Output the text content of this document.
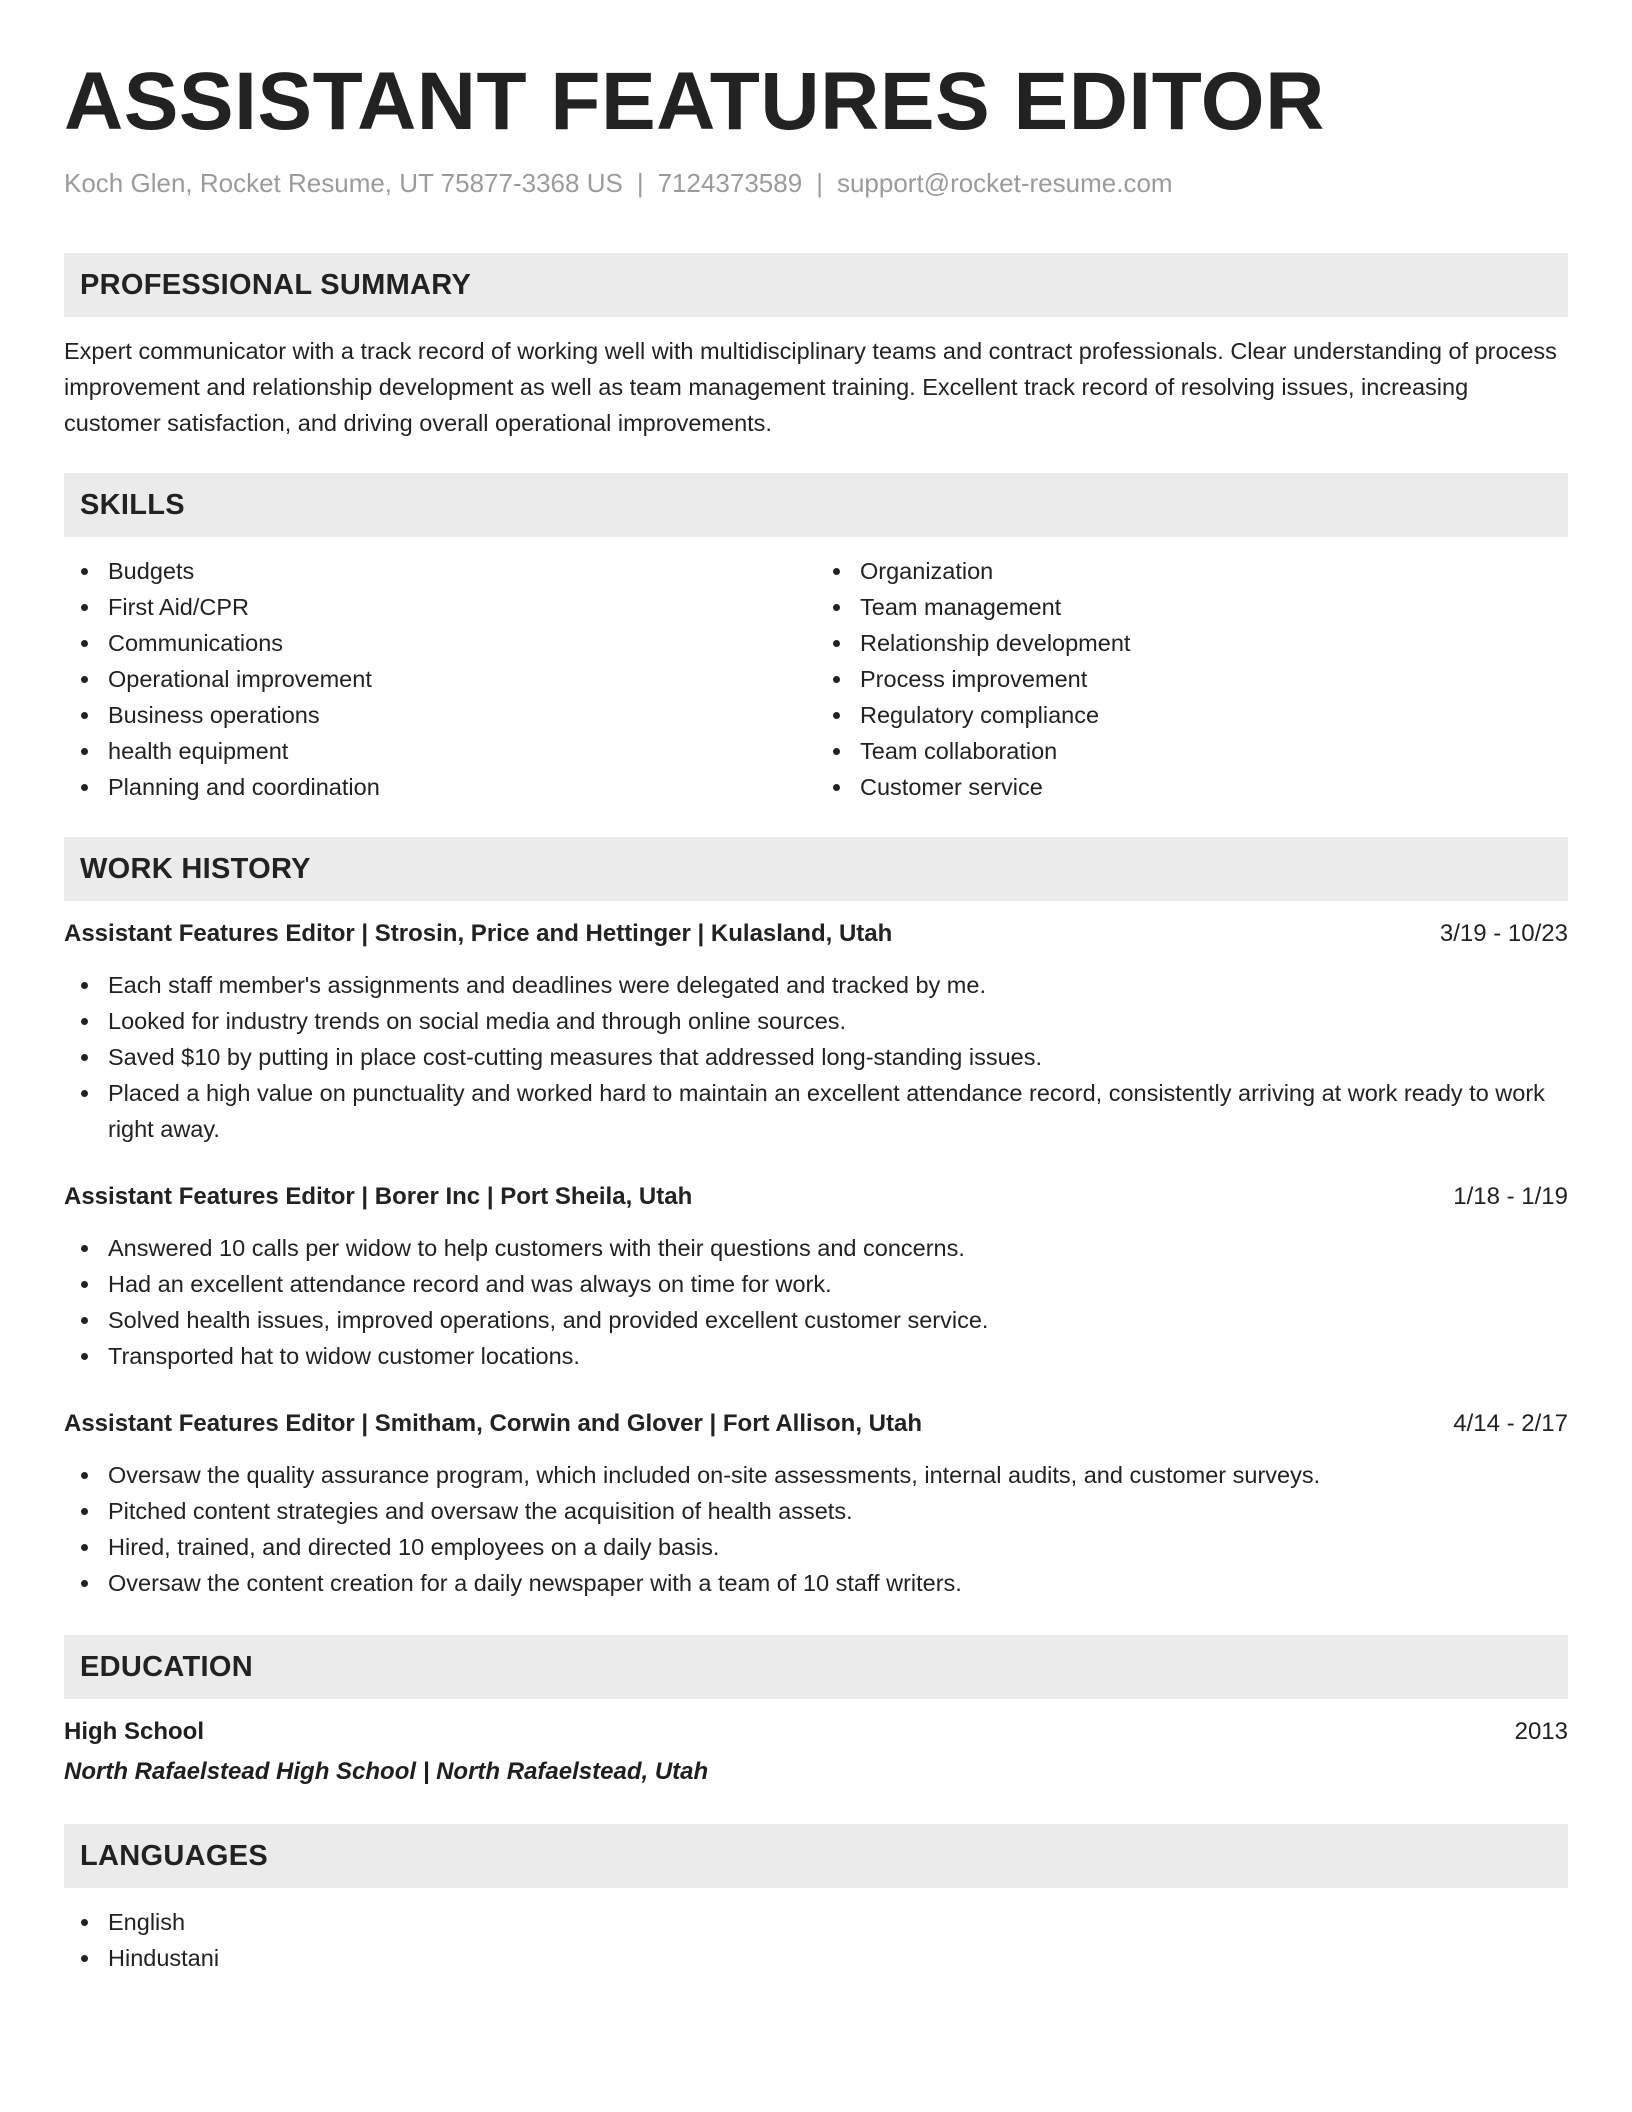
ASSISTANT FEATURES EDITOR
Koch Glen, Rocket Resume, UT 75877-3368 US | 7124373589 | support@rocket-resume.com
PROFESSIONAL SUMMARY

Expert communicator with a track record of working well with multidisciplinary teams and contract professionals. Clear understanding of process improvement and relationship development as well as team management training. Excellent track record of resolving issues, increasing customer satisfaction, and driving overall operational improvements.

SKILLS
Budgets
First Aid/CPR
Communications
Operational improvement
Business operations
health equipment
Planning and coordination
Organization
Team management
Relationship development
Process improvement
Regulatory compliance
Team collaboration
Customer service
WORK HISTORY
Assistant Features Editor | Strosin, Price and Hettinger | Kulasland, Utah	3/19 - 10/23
Each staff member's assignments and deadlines were delegated and tracked by me.
Looked for industry trends on social media and through online sources.
Saved $10 by putting in place cost-cutting measures that addressed long-standing issues.
Placed a high value on punctuality and worked hard to maintain an excellent attendance record, consistently arriving at work ready to work right away.
Assistant Features Editor | Borer Inc | Port Sheila, Utah	1/18 - 1/19
Answered 10 calls per widow to help customers with their questions and concerns.
Had an excellent attendance record and was always on time for work.
Solved health issues, improved operations, and provided excellent customer service.
Transported hat to widow customer locations.
Assistant Features Editor | Smitham, Corwin and Glover | Fort Allison, Utah	4/14 - 2/17
Oversaw the quality assurance program, which included on-site assessments, internal audits, and customer surveys.
Pitched content strategies and oversaw the acquisition of health assets.
Hired, trained, and directed 10 employees on a daily basis.
Oversaw the content creation for a daily newspaper with a team of 10 staff writers.
EDUCATION
High School	2013
North Rafaelstead High School | North Rafaelstead, Utah
LANGUAGES
English
Hindustani
